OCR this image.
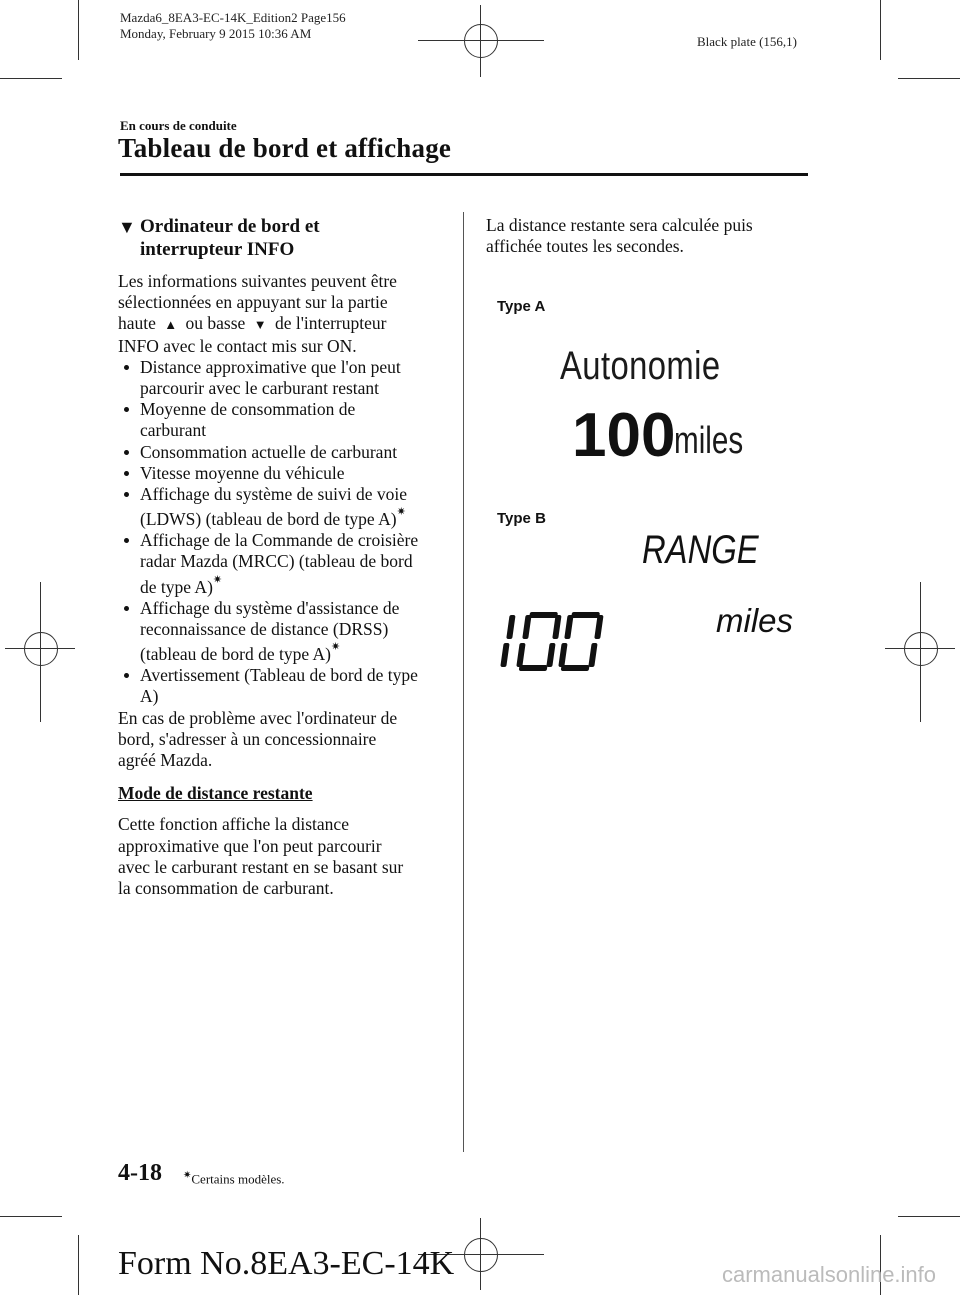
Mazda6_8EA3-EC-14K_Edition2 Page156
Monday, February 9 2015 10:36 AM
Black plate (156,1)
En cours de conduite
Tableau de bord et affichage
▼ Ordinateur de bord et
interrupteur INFO
Les informations suivantes peuvent être
sélectionnées en appuyant sur la partie
haute ▲ ou basse ▼ de l'interrupteur
INFO avec le contact mis sur ON.
Distance approximative que l'on peut
parcourir avec le carburant restant
Moyenne de consommation de
carburant
Consommation actuelle de carburant
Vitesse moyenne du véhicule
Affichage du système de suivi de voie
(LDWS) (tableau de bord de type A)✷
Affichage de la Commande de croisière
radar Mazda (MRCC) (tableau de bord
de type A)✷
Affichage du système d'assistance de
reconnaissance de distance (DRSS)
(tableau de bord de type A)✷
Avertissement (Tableau de bord de type
A)
En cas de problème avec l'ordinateur de
bord, s'adresser à un concessionnaire
agréé Mazda.
Mode de distance restante
Cette fonction affiche la distance
approximative que l'on peut parcourir
avec le carburant restant en se basant sur
la consommation de carburant.
La distance restante sera calculée puis
affichée toutes les secondes.
Type A
Autonomie
100
miles
Type B
RANGE
miles
4-18 ✷Certains modèles.
Form No.8EA3-EC-14K	carmanualsonline.info
